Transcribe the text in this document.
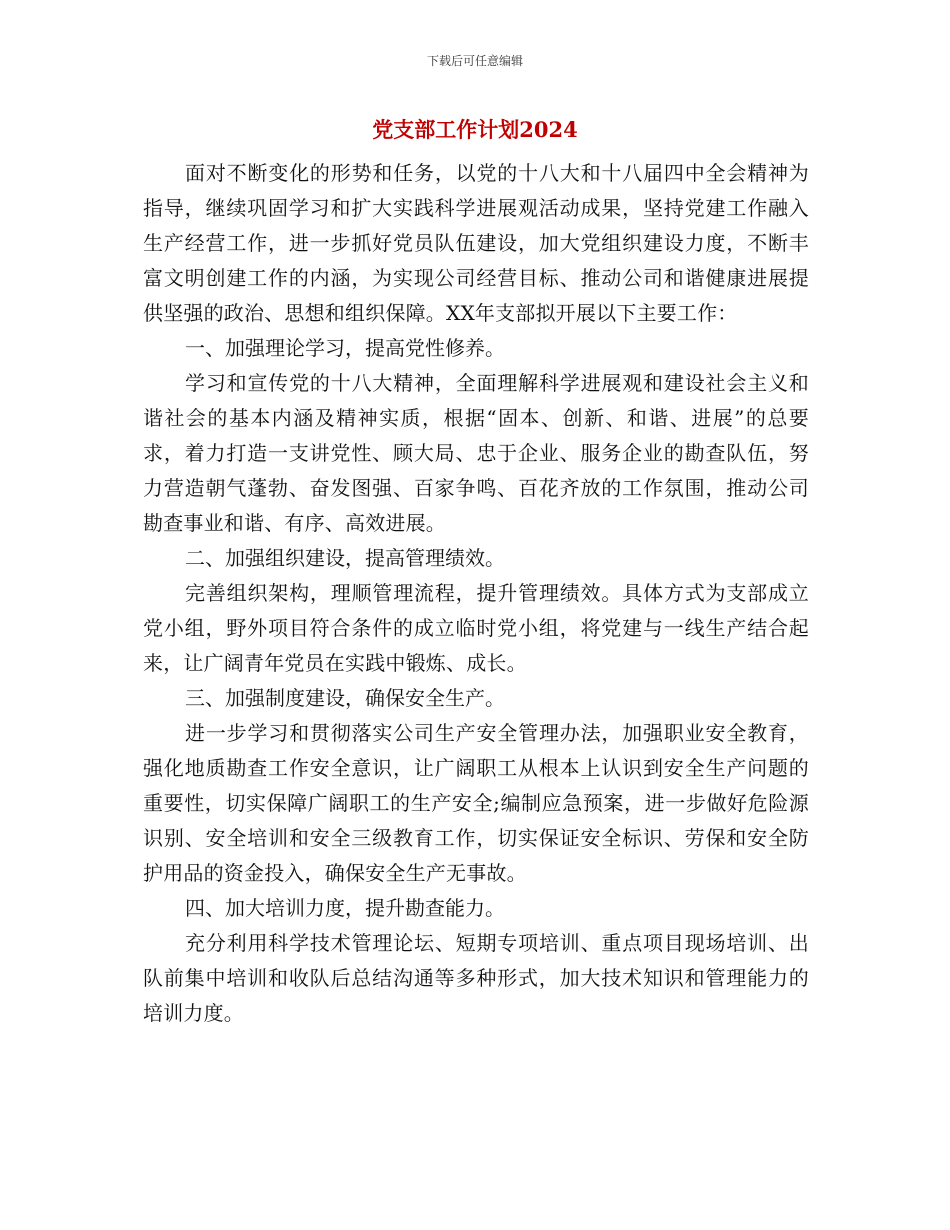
下载后可任意编辑
党支部工作计划2024

面对不断变化的形势和任务，以党的十八大和十八届四中全会精神为指导，继续巩固学习和扩大实践科学进展观活动成果，坚持党建工作融入生产经营工作，进一步抓好党员队伍建设，加大党组织建设力度，不断丰富文明创建工作的内涵，为实现公司经营目标、推动公司和谐健康进展提供坚强的政治、思想和组织保障。XX年支部拟开展以下主要工作：

一、加强理论学习，提高党性修养。

学习和宣传党的十八大精神，全面理解科学进展观和建设社会主义和谐社会的基本内涵及精神实质，根据“固本、创新、和谐、进展”的总要求，着力打造一支讲党性、顾大局、忠于企业、服务企业的勘查队伍，努力营造朝气蓬勃、奋发图强、百家争鸣、百花齐放的工作氛围，推动公司勘查事业和谐、有序、高效进展。

二、加强组织建设，提高管理绩效。

完善组织架构，理顺管理流程，提升管理绩效。具体方式为支部成立党小组，野外项目符合条件的成立临时党小组，将党建与一线生产结合起来，让广阔青年党员在实践中锻炼、成长。

三、加强制度建设，确保安全生产。

进一步学习和贯彻落实公司生产安全管理办法，加强职业安全教育，强化地质勘查工作安全意识，让广阔职工从根本上认识到安全生产问题的重要性，切实保障广阔职工的生产安全;编制应急预案，进一步做好危险源识别、安全培训和安全三级教育工作，切实保证安全标识、劳保和安全防护用品的资金投入，确保安全生产无事故。

四、加大培训力度，提升勘查能力。

充分利用科学技术管理论坛、短期专项培训、重点项目现场培训、出队前集中培训和收队后总结沟通等多种形式，加大技术知识和管理能力的培训力度。
